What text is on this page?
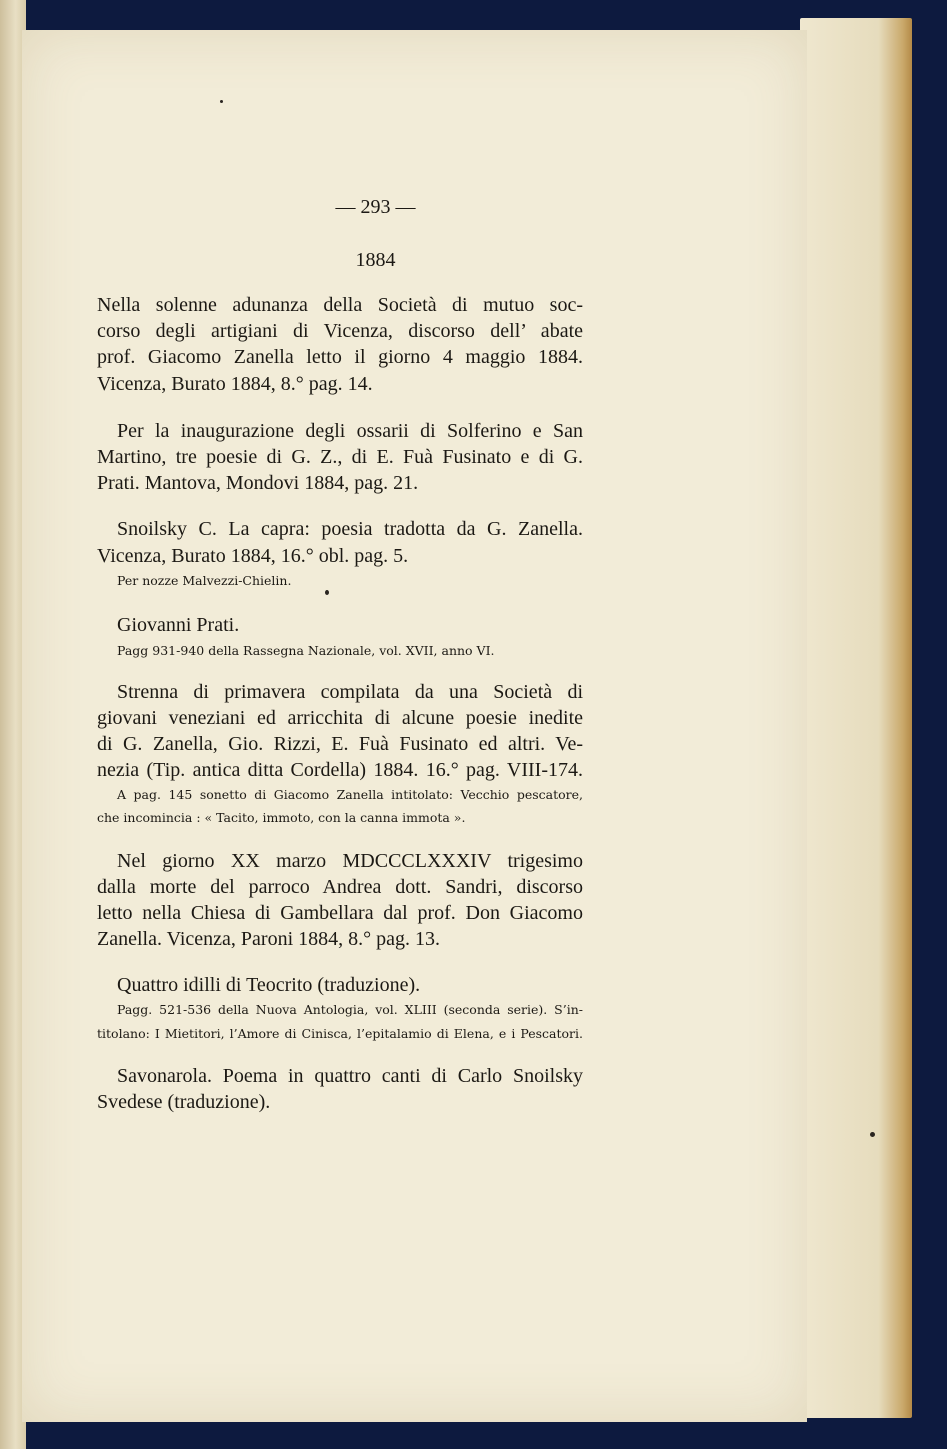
— 293 —
1884
Nella solenne adunanza della Società di mutuo soc-
corso degli artigiani di Vicenza, discorso dell’ abate
prof. Giacomo Zanella letto il giorno 4 maggio 1884.
Vicenza, Burato 1884, 8.° pag. 14.
Per la inaugurazione degli ossarii di Solferino e San
Martino, tre poesie di G. Z., di E. Fuà Fusinato e di G.
Prati. Mantova, Mondovi 1884, pag. 21.
Snoilsky C. La capra: poesia tradotta da G. Zanella.
Vicenza, Burato 1884, 16.° obl. pag. 5.
Per nozze Malvezzi-Chielin.
Giovanni Prati.
Pagg 931-940 della Rassegna Nazionale, vol. XVII, anno VI.
Strenna di primavera compilata da una Società di
giovani veneziani ed arricchita di alcune poesie inedite
di G. Zanella, Gio. Rizzi, E. Fuà Fusinato ed altri. Ve-
nezia (Tip. antica ditta Cordella) 1884. 16.° pag. VIII-174.
A pag. 145 sonetto di Giacomo Zanella intitolato: Vecchio pescatore,
che incomincia : « Tacito, immoto, con la canna immota ».
Nel giorno XX marzo MDCCCLXXXIV trigesimo
dalla morte del parroco Andrea dott. Sandri, discorso
letto nella Chiesa di Gambellara dal prof. Don Giacomo
Zanella. Vicenza, Paroni 1884, 8.° pag. 13.
Quattro idilli di Teocrito (traduzione).
Pagg. 521-536 della Nuova Antologia, vol. XLIII (seconda serie). S’in-
titolano: I Mietitori, l’Amore di Cinisca, l’epitalamio di Elena, e i Pescatori.
Savonarola. Poema in quattro canti di Carlo Snoilsky
Svedese (traduzione).
